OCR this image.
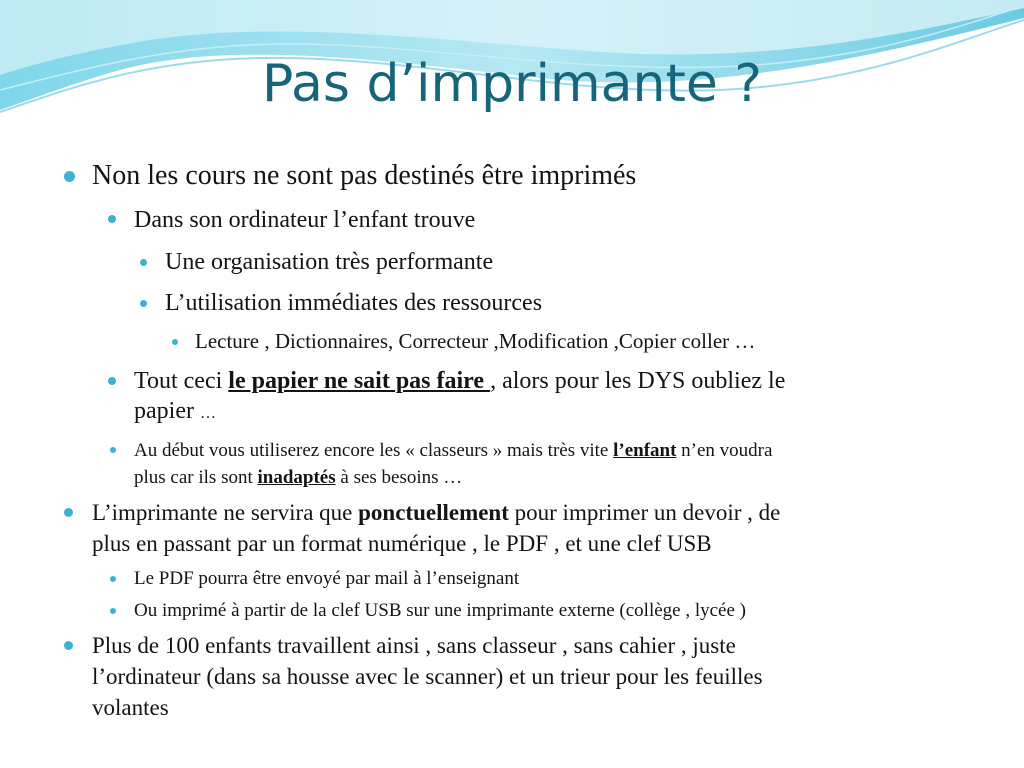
Pas d’imprimante ?
Non les cours ne sont pas destinés être imprimés
Dans son ordinateur l’enfant trouve
Une organisation très performante
L’utilisation immédiates des ressources
Lecture , Dictionnaires, Correcteur ,Modification ,Copier coller …
Tout ceci le papier ne sait pas faire , alors pour les DYS oubliez le
papier …
Au début vous utiliserez encore les « classeurs » mais très vite l’enfant n’en voudra
plus car ils sont inadaptés à ses besoins …
L’imprimante ne servira que ponctuellement pour imprimer un devoir , de
plus en passant par un format numérique , le PDF , et une clef USB
Le PDF pourra être envoyé par mail à l’enseignant
Ou imprimé à partir de la clef USB sur une imprimante externe (collège , lycée )
Plus de 100 enfants travaillent ainsi , sans classeur , sans cahier , juste
l’ordinateur (dans sa housse avec le scanner) et un trieur pour les feuilles
volantes
